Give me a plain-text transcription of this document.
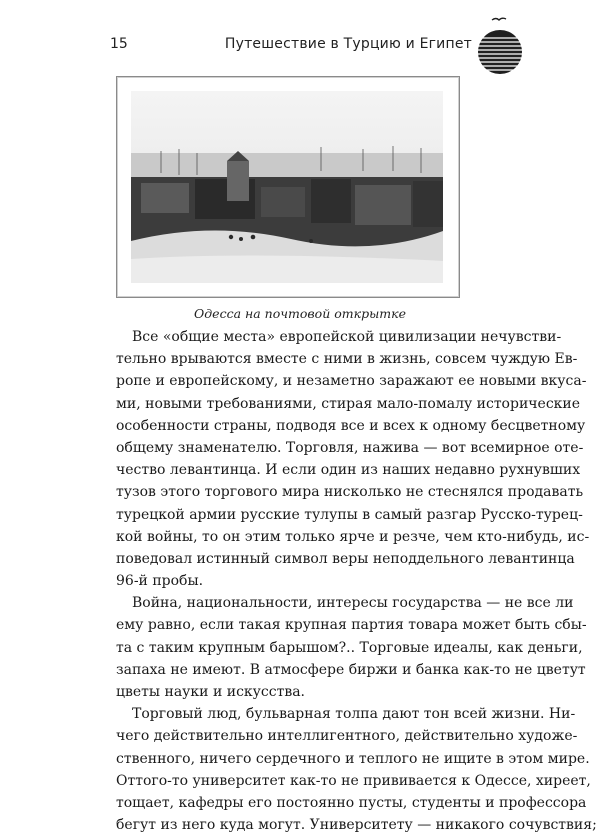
15	Путешествие в Турцию и Египет
Одесса на почтовой открытке
Все «общие места» европейской цивилизации нечувстви-
тельно врываются вместе с ними в жизнь, совсем чуждую Ев-
ропе и европейскому, и незаметно заражают ее новыми вкуса-
ми, новыми требованиями, стирая мало-помалу исторические
особенности страны, подводя все и всех к одному бесцветному
общему знаменателю. Торговля, нажива — вот всемирное оте-
чество левантинца. И если один из наших недавно рухнувших
тузов этого торгового мира нисколько не стеснялся продавать
турецкой армии русские тулупы в самый разгар Русско-турец-
кой войны, то он этим только ярче и резче, чем кто-нибудь, ис-
поведовал истинный символ веры неподдельного левантинца
96-й пробы.
Война, национальности, интересы государства — не все ли
ему равно, если такая крупная партия товара может быть сбы-
та с таким крупным барышом?.. Торговые идеалы, как деньги,
запаха не имеют. В атмосфере биржи и банка как-то не цветут
цветы науки и искусства.
Торговый люд, бульварная толпа дают тон всей жизни. Ни-
чего действительно интеллигентного, действительно художе-
ственного, ничего сердечного и теплого не ищите в этом мире.
Оттого-то университет как-то не прививается к Одессе, хиреет,
тощает, кафедры его постоянно пусты, студенты и профессора
бегут из него куда могут. Университету — никакого сочувствия;
